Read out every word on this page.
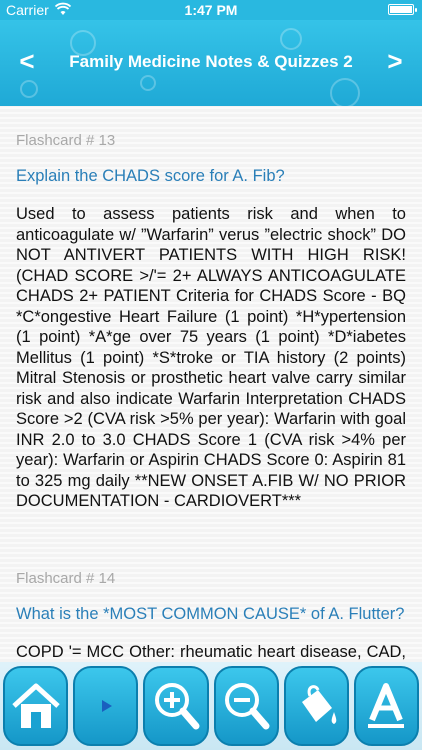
Carrier	1:47 PM
<	Family Medicine Notes & Quizzes 2	>
Flashcard # 13
Explain the CHADS score for A. Fib?
Used to assess patients risk and when to anticoagulate w/ ”Warfarin” verus ”electric shock” DO NOT ANTIVERT PATIENTS WITH HIGH RISK! (CHAD SCORE >/'= 2+ ALWAYS ANTICOAGULATE CHADS 2+ PATIENT Criteria for CHADS Score - BQ *C*ongestive Heart Failure (1 point) *H*ypertension (1 point) *A*ge over 75 years (1 point) *D*iabetes Mellitus (1 point) *S*troke or TIA history (2 points) Mitral Stenosis or prosthetic heart valve carry similar risk and also indicate Warfarin Interpretation CHADS Score >2 (CVA risk >5% per year): Warfarin with goal INR 2.0 to 3.0 CHADS Score 1 (CVA risk >4% per year): Warfarin or Aspirin CHADS Score 0: Aspirin 81 to 325 mg daily **NEW ONSET A.FIB W/ NO PRIOR DOCUMENTATION - CARDIOVERT***
Flashcard # 14
What is the *MOST COMMON CAUSE* of A. Flutter?
COPD '= MCC Other: rheumatic heart disease, CAD,
